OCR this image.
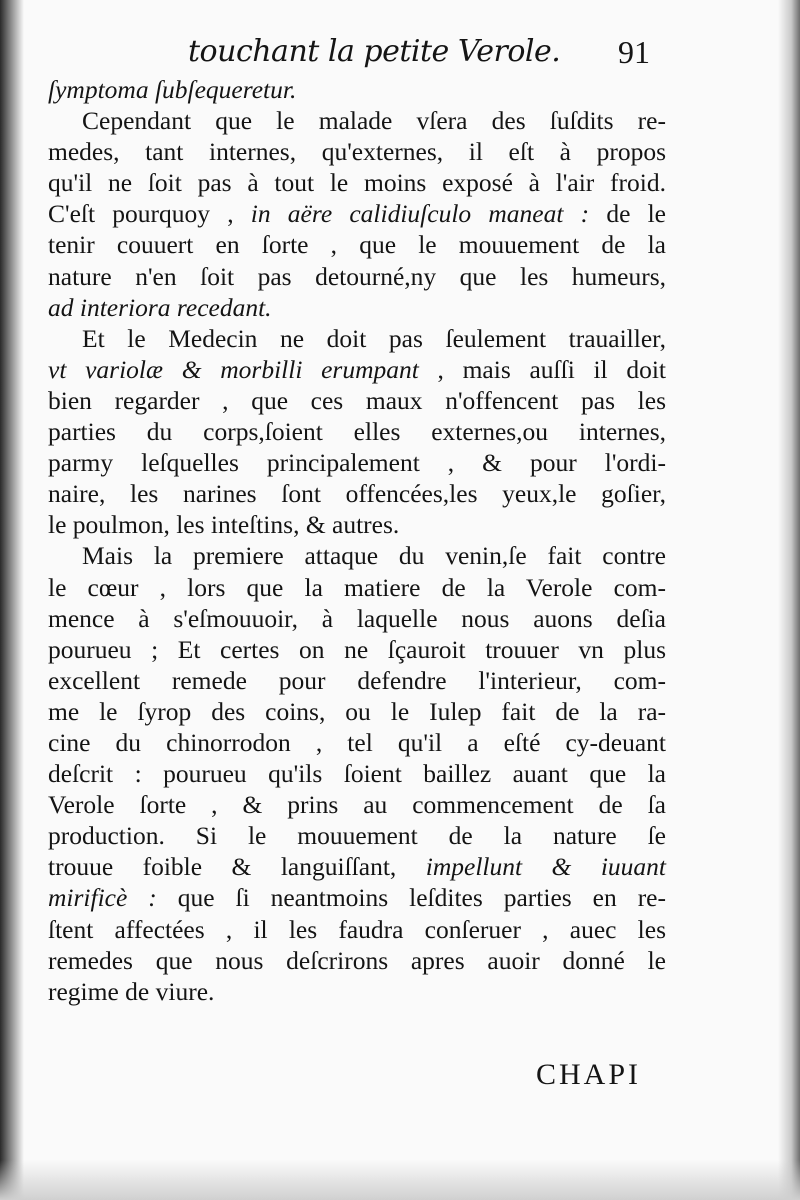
touchant la petite Verole. 91
ſymptoma ſubſequeretur.
Cependant que le malade vſera des ſuſdits re-
medes, tant internes, qu'externes, il eſt à propos
qu'il ne ſoit pas à tout le moins exposé à l'air froid.
C'eſt pourquoy , in aëre calidiuſculo maneat : de le
tenir couuert en ſorte , que le mouuement de la
nature n'en ſoit pas detourné,ny que les humeurs,
ad interiora recedant.
Et le Medecin ne doit pas ſeulement trauailler,
vt variolæ & morbilli erumpant , mais auſſi il doit
bien regarder , que ces maux n'offencent pas les
parties du corps,ſoient elles externes,ou internes,
parmy leſquelles principalement , & pour l'ordi-
naire, les narines ſont offencées,les yeux,le goſier,
le poulmon, les inteſtins, & autres.
Mais la premiere attaque du venin,ſe fait contre
le cœur , lors que la matiere de la Verole com-
mence à s'eſmouuoir, à laquelle nous auons deſia
pourueu ; Et certes on ne ſçauroit trouuer vn plus
excellent remede pour defendre l'interieur, com-
me le ſyrop des coins, ou le Iulep fait de la ra-
cine du chinorrodon , tel qu'il a eſté cy-deuant
deſcrit : pourueu qu'ils ſoient baillez auant que la
Verole ſorte , & prins au commencement de ſa
production. Si le mouuement de la nature ſe
trouue foible & languiſſant, impellunt & iuuant
mirificè : que ſi neantmoins leſdites parties en re-
ſtent affectées , il les faudra conſeruer , auec les
remedes que nous deſcrirons apres auoir donné le
regime de viure.
CHAPI
